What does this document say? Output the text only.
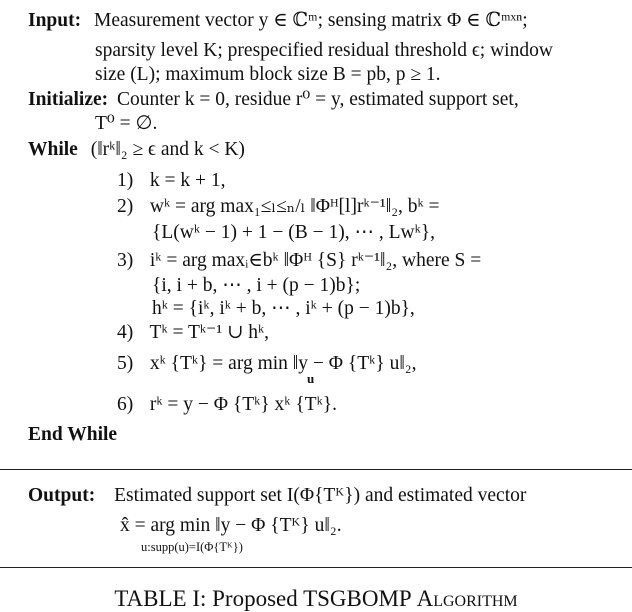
Input: Measurement vector y ∈ ℂᵐ; sensing matrix Φ ∈ ℂᵐˣⁿ;
sparsity level K; prespecified residual threshold ϵ; window
size (L); maximum block size B = pb, p ≥ 1.
Initialize: Counter k = 0, residue r⁰ = y, estimated support set,
T⁰ = ∅.
While (‖rᵏ‖₂ ≥ ϵ and k < K)
1) k = k + 1,
2) wᵏ = arg max₁≤ₗ≤ₙ/ₗ ‖Φᴴ[l]rᵏ⁻¹‖₂, bᵏ =
{L(wᵏ − 1) + 1 − (B − 1), ⋯ , Lwᵏ},
3) iᵏ = arg maxᵢ∈bᵏ ‖Φᴴ {S} rᵏ⁻¹‖₂, where S =
{i, i + b, ⋯ , i + (p − 1)b};
hᵏ = {iᵏ, iᵏ + b, ⋯ , iᵏ + (p − 1)b},
4) Tᵏ = Tᵏ⁻¹ ∪ hᵏ,
5) xᵏ {Tᵏ} = arg min ‖y − Φ {Tᵏ} u‖₂,
u
6) rᵏ = y − Φ {Tᵏ} xᵏ {Tᵏ}.
End While
Output: Estimated support set I(Φ{Tᴷ}) and estimated vector
x̂ = arg min ‖y − Φ {Tᴷ} u‖₂.
u:supp(u)=I(Φ{Tᴷ})
TABLE I: Proposed TSGBOMP Algorithm
